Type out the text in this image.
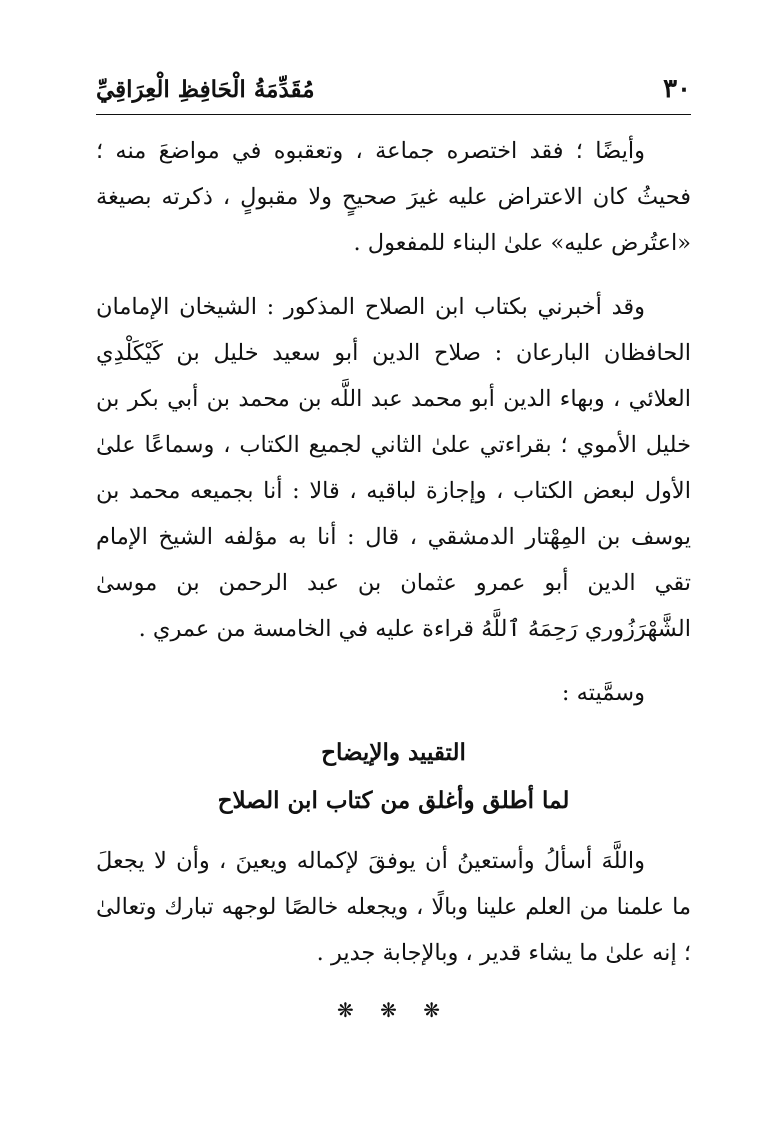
٣٠
مُقَدِّمَةُ الْحَافِظِ الْعِرَاقِيِّ

وأيضًا ؛ فقد اختصره جماعة ، وتعقبوه في مواضعَ منه ؛ فحيثُ كان الاعتراض عليه غيرَ صحيحٍ ولا مقبولٍ ، ذكرته بصيغة «اعتُرض عليه» علىٰ البناء للمفعول .

وقد أخبرني بكتاب ابن الصلاح المذكور : الشيخان الإمامان الحافظان البارعان : صلاح الدين أبو سعيد خليل بن كَيْكَلْدِي العلائي ، وبهاء الدين أبو محمد عبد اللَّه بن محمد بن أبي بكر بن خليل الأموي ؛ بقراءتي علىٰ الثاني لجميع الكتاب ، وسماعًا علىٰ الأول لبعض الكتاب ، وإجازة لباقيه ، قالا : أنا بجميعه محمد بن يوسف بن المِهْتار الدمشقي ، قال : أنا به مؤلفه الشيخ الإمام تقي الدين أبو عمرو عثمان بن عبد الرحمن بن موسىٰ الشَّهْرَزُوري رَحِمَهُ ٱللَّهُ قراءة عليه في الخامسة من عمري .

وسمَّيته :

التقييد والإيضاح

لما أطلق وأغلق من كتاب ابن الصلاح

واللَّهَ أسألُ وأستعينُ أن يوفقَ لإكماله ويعينَ ، وأن لا يجعلَ ما علمنا من العلم علينا وبالًا ، ويجعله خالصًا لوجهه تبارك وتعالىٰ ؛ إنه علىٰ ما يشاء قدير ، وبالإجابة جدير .

❋ ❋ ❋
